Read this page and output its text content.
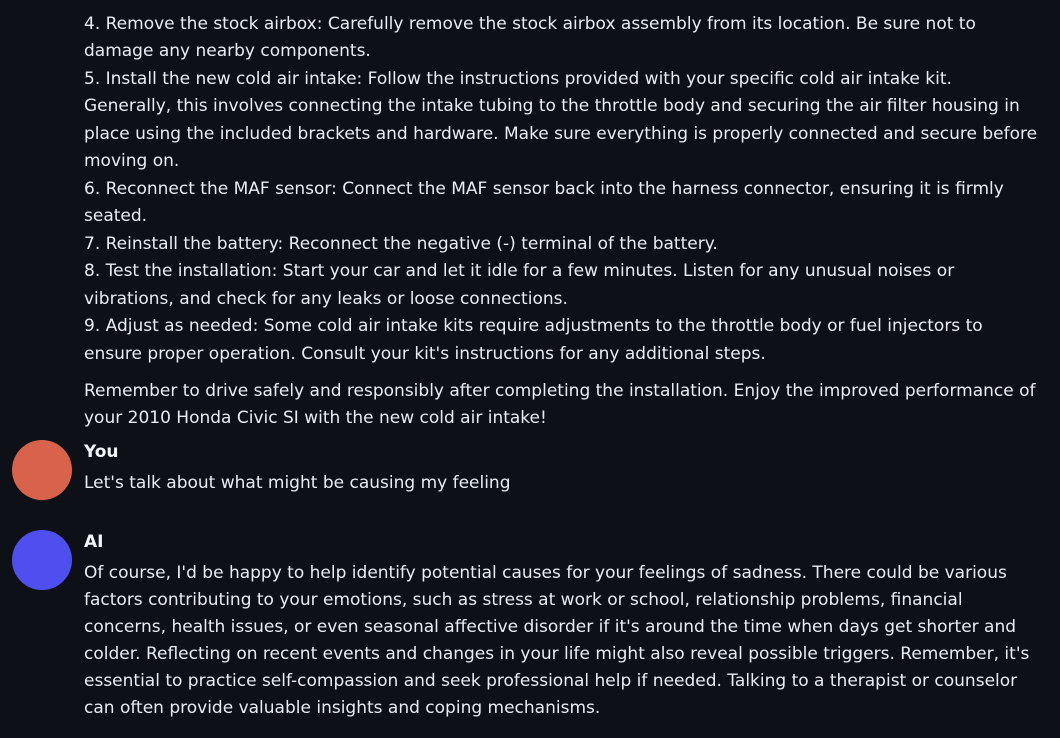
4. Remove the stock airbox: Carefully remove the stock airbox assembly from its location. Be sure not to damage any nearby components.

5. Install the new cold air intake: Follow the instructions provided with your specific cold air intake kit. Generally, this involves connecting the intake tubing to the throttle body and securing the air filter housing in place using the included brackets and hardware. Make sure everything is properly connected and secure before moving on.

6. Reconnect the MAF sensor: Connect the MAF sensor back into the harness connector, ensuring it is firmly seated.

7. Reinstall the battery: Reconnect the negative (-) terminal of the battery.

8. Test the installation: Start your car and let it idle for a few minutes. Listen for any unusual noises or vibrations, and check for any leaks or loose connections.

9. Adjust as needed: Some cold air intake kits require adjustments to the throttle body or fuel injectors to ensure proper operation. Consult your kit's instructions for any additional steps.

Remember to drive safely and responsibly after completing the installation. Enjoy the improved performance of your 2010 Honda Civic SI with the new cold air intake!

You

Let's talk about what might be causing my feeling

AI

Of course, I'd be happy to help identify potential causes for your feelings of sadness. There could be various factors contributing to your emotions, such as stress at work or school, relationship problems, financial concerns, health issues, or even seasonal affective disorder if it's around the time when days get shorter and colder. Reflecting on recent events and changes in your life might also reveal possible triggers. Remember, it's essential to practice self-compassion and seek professional help if needed. Talking to a therapist or counselor can often provide valuable insights and coping mechanisms.
